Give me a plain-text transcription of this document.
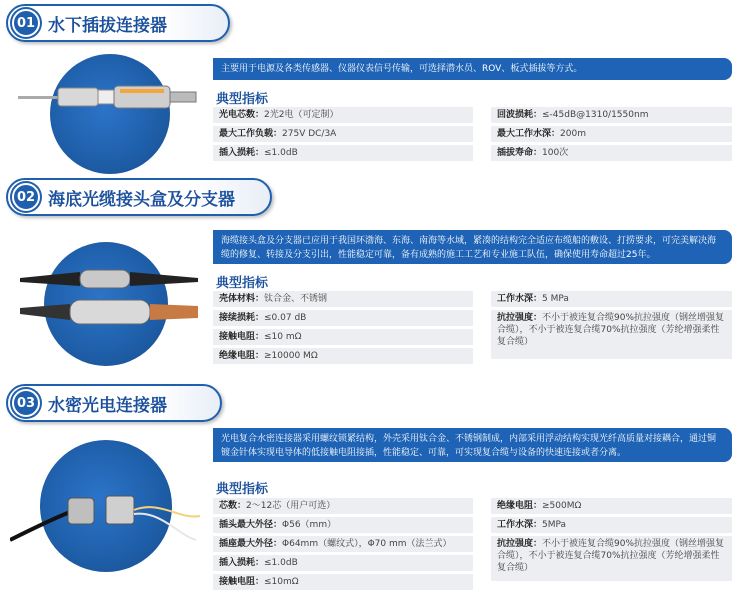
01 水下插拔连接器
主要用于电源及各类传感器、仪器仪表信号传输，可选择潜水员、ROV、板式插拔等方式。
典型指标
光电芯数：2光2电（可定制）
最大工作负载：275V DC/3A
插入损耗：≤1.0dB
回波损耗：≤-45dB@1310/1550nm
最大工作水深：200m
插拔寿命：100次
02 海底光缆接头盒及分支器
海缆接头盒及分支器已应用于我国环渤海、东海、南海等水域，紧凑的结构完全适应布缆船的敷设、打捞要求，可完美解决海缆的修复、转接及分支引出，性能稳定可靠，备有成熟的施工工艺和专业施工队伍，确保使用寿命超过25年。
典型指标
壳体材料：钛合金、不锈钢
接续损耗：≤0.07 dB
接触电阻：≤10 mΩ
绝缘电阻：≥10000 MΩ
工作水深：5 MPa
抗拉强度：不小于被连复合缆90%抗拉强度（钢丝增强复合缆），不小于被连复合缆70%抗拉强度（芳纶增强柔性复合缆）
03 水密光电连接器
光电复合水密连接器采用螺纹锁紧结构，外壳采用钛合金、不锈钢制成，内部采用浮动结构实现光纤高质量对接耦合，通过铜镀金针体实现电导体的低接触电阻接插，性能稳定、可靠，可实现复合缆与设备的快速连接或者分离。
典型指标
芯数：2～12芯（用户可选）
插头最大外径：Φ56（mm）
插座最大外径：Φ64mm（螺纹式），Φ70 mm（法兰式）
插入损耗：≤1.0dB
接触电阻：≤10mΩ
绝缘电阻：≥500MΩ
工作水深：5MPa
抗拉强度：不小于被连复合缆90%抗拉强度（钢丝增强复合缆），不小于被连复合缆70%抗拉强度（芳纶增强柔性复合缆）
